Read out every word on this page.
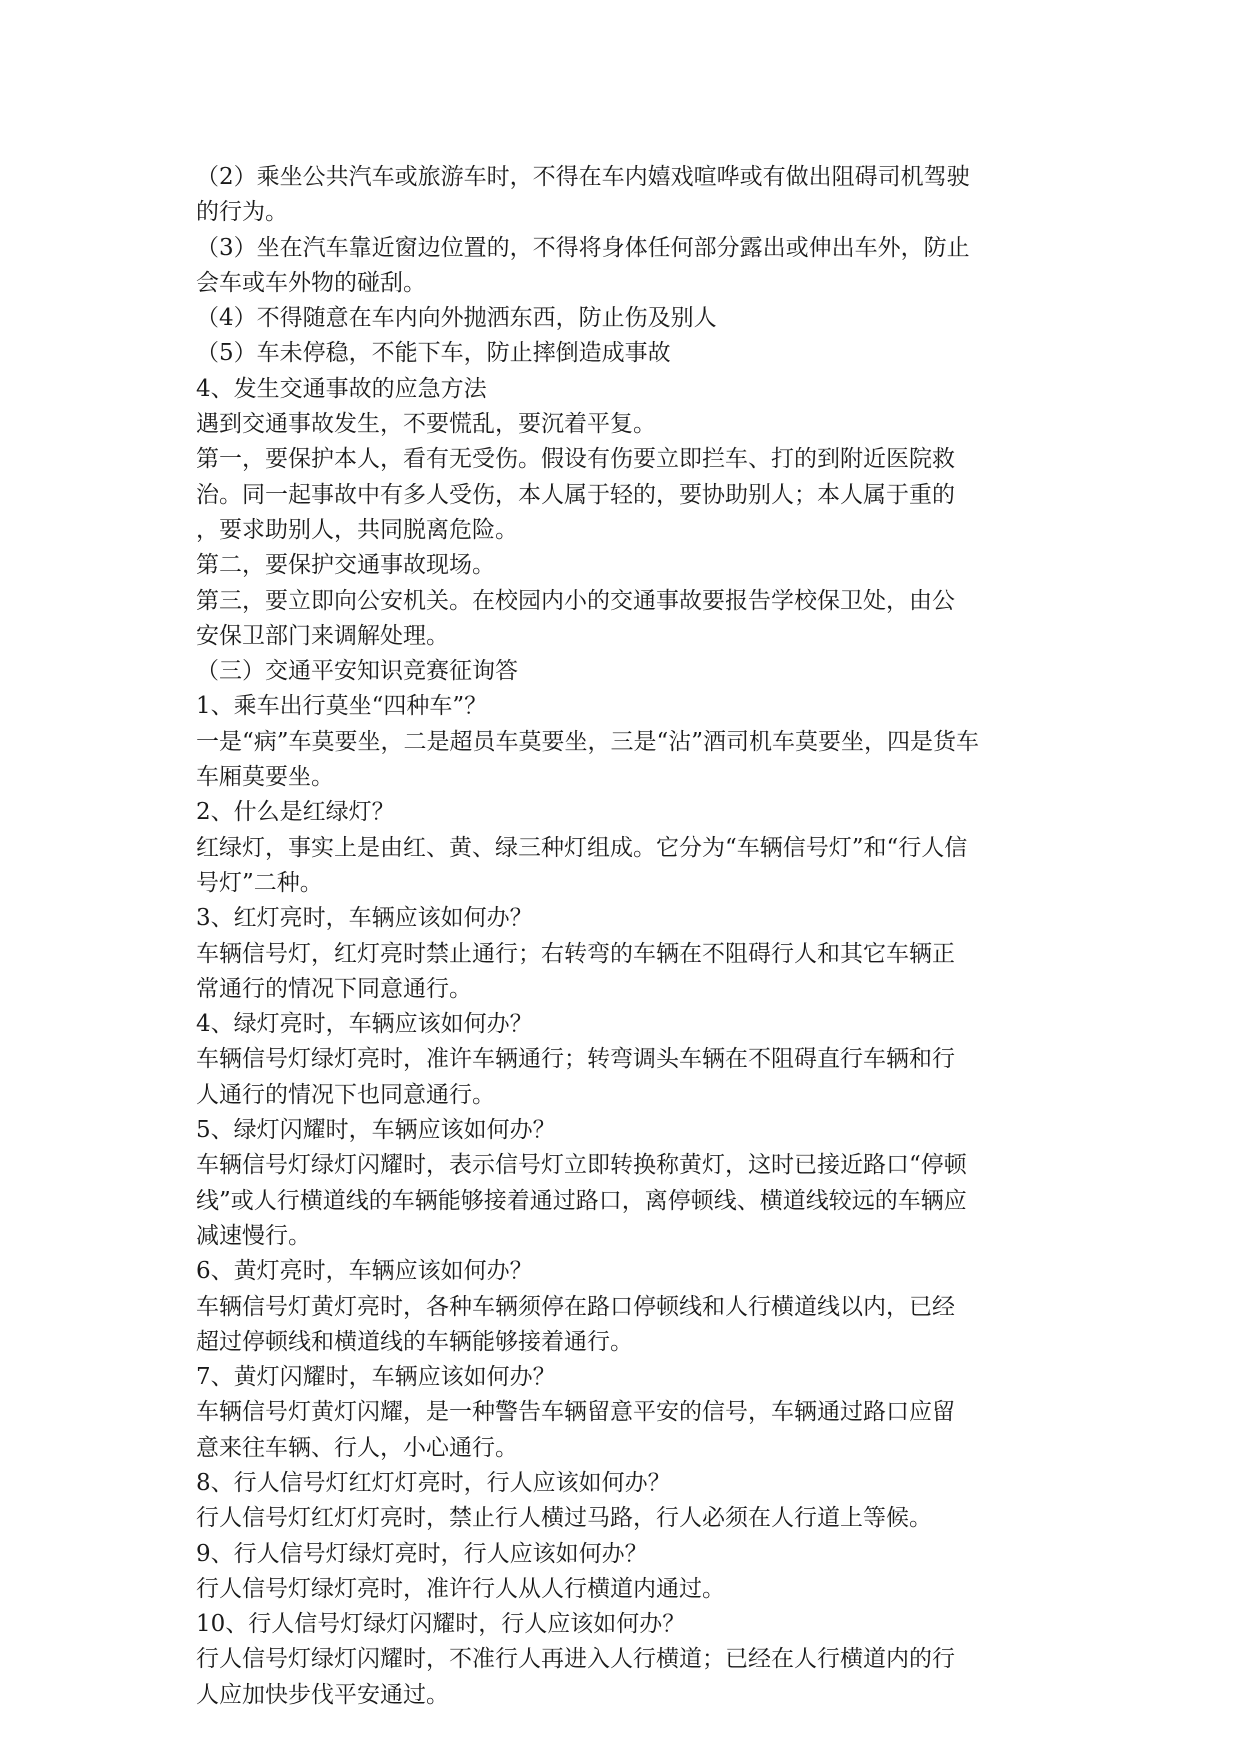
（2）乘坐公共汽车或旅游车时，不得在车内嬉戏喧哗或有做出阻碍司机驾驶
的行为。
（3）坐在汽车靠近窗边位置的，不得将身体任何部分露出或伸出车外，防止
会车或车外物的碰刮。
（4）不得随意在车内向外抛洒东西，防止伤及别人
（5）车未停稳，不能下车，防止摔倒造成事故
4、发生交通事故的应急方法
遇到交通事故发生，不要慌乱，要沉着平复。
第一，要保护本人，看有无受伤。假设有伤要立即拦车、打的到附近医院救
治。同一起事故中有多人受伤，本人属于轻的，要协助别人；本人属于重的
，要求助别人，共同脱离危险。
第二，要保护交通事故现场。
第三，要立即向公安机关。在校园内小的交通事故要报告学校保卫处，由公
安保卫部门来调解处理。
（三）交通平安知识竞赛征询答
1、乘车出行莫坐“四种车”？
一是“病”车莫要坐，二是超员车莫要坐，三是“沾”酒司机车莫要坐，四是货车
车厢莫要坐。
2、什么是红绿灯？
红绿灯，事实上是由红、黄、绿三种灯组成。它分为“车辆信号灯”和“行人信
号灯”二种。
3、红灯亮时，车辆应该如何办？
车辆信号灯，红灯亮时禁止通行；右转弯的车辆在不阻碍行人和其它车辆正
常通行的情况下同意通行。
4、绿灯亮时，车辆应该如何办？
车辆信号灯绿灯亮时，准许车辆通行；转弯调头车辆在不阻碍直行车辆和行
人通行的情况下也同意通行。
5、绿灯闪耀时，车辆应该如何办？
车辆信号灯绿灯闪耀时，表示信号灯立即转换称黄灯，这时已接近路口“停顿
线”或人行横道线的车辆能够接着通过路口，离停顿线、横道线较远的车辆应
减速慢行。
6、黄灯亮时，车辆应该如何办？
车辆信号灯黄灯亮时，各种车辆须停在路口停顿线和人行横道线以内，已经
超过停顿线和横道线的车辆能够接着通行。
7、黄灯闪耀时，车辆应该如何办？
车辆信号灯黄灯闪耀，是一种警告车辆留意平安的信号，车辆通过路口应留
意来往车辆、行人，小心通行。
8、行人信号灯红灯灯亮时，行人应该如何办？
行人信号灯红灯灯亮时，禁止行人横过马路，行人必须在人行道上等候。
9、行人信号灯绿灯亮时，行人应该如何办？
行人信号灯绿灯亮时，准许行人从人行横道内通过。
10、行人信号灯绿灯闪耀时，行人应该如何办？
行人信号灯绿灯闪耀时，不准行人再进入人行横道；已经在人行横道内的行
人应加快步伐平安通过。
